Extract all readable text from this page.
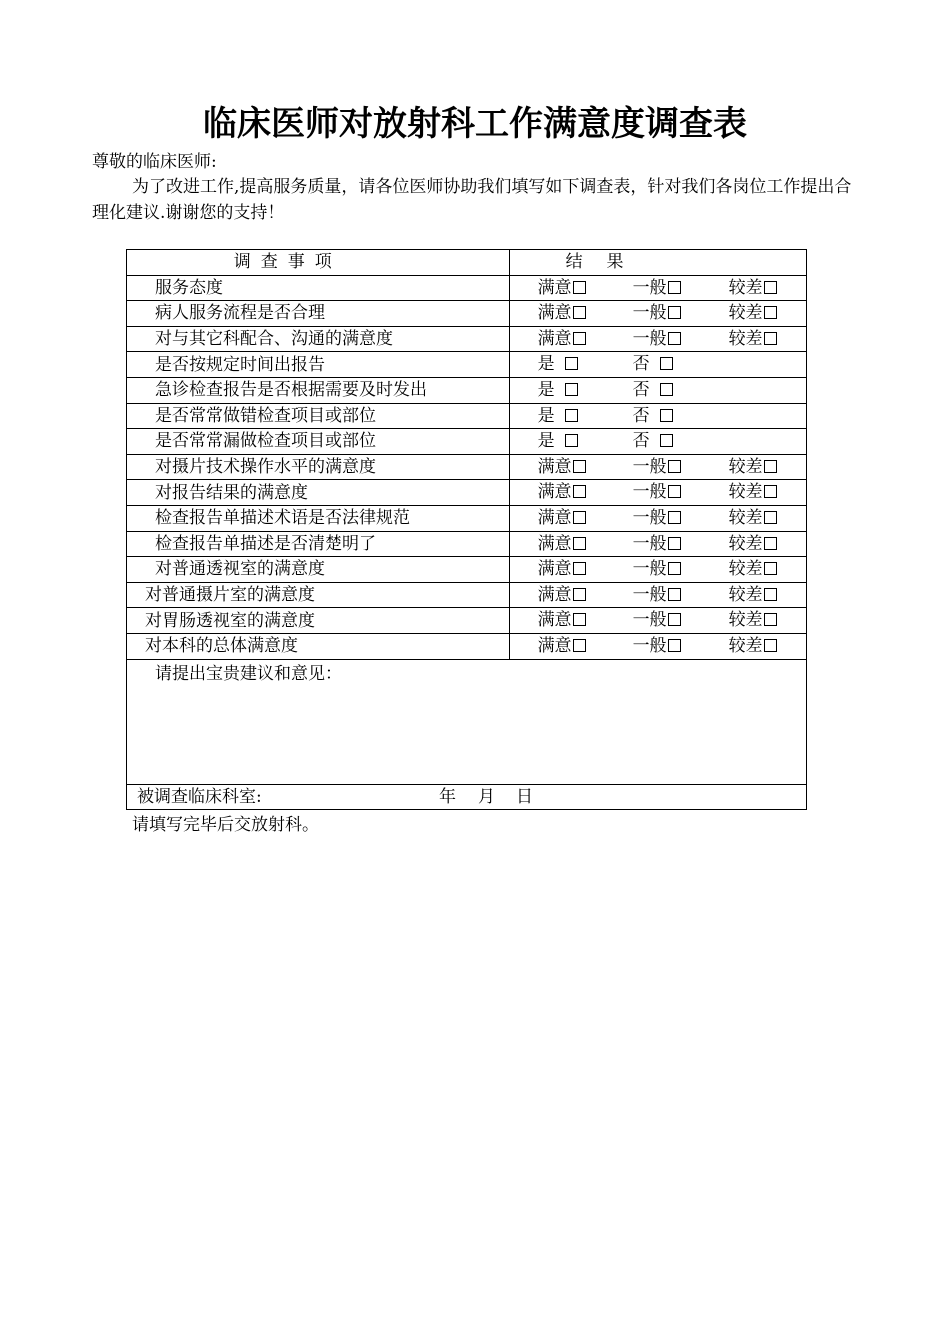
临床医师对放射科工作满意度调查表
尊敬的临床医师:
为了改进工作,提高服务质量，请各位医师协助我们填写如下调查表，针对我们各岗位工作提出合理化建议.谢谢您的支持！
调查事项	结果
服务态度	满意 一般 较差

病人服务流程是否合理	满意 一般 较差

对与其它科配合、沟通的满意度	满意 一般 较差

是否按规定时间出报告	是 否

急诊检查报告是否根据需要及时发出	是 否

是否常常做错检查项目或部位	是 否

是否常常漏做检查项目或部位	是 否

对摄片技术操作水平的满意度	满意 一般 较差

对报告结果的满意度	满意 一般 较差

检查报告单描述术语是否法律规范	满意 一般 较差

检查报告单描述是否清楚明了	满意 一般 较差

对普通透视室的满意度	满意 一般 较差

对普通摄片室的满意度	满意 一般 较差

对胃肠透视室的满意度	满意 一般 较差

对本科的总体满意度	满意 一般 较差

请提出宝贵建议和意见：	

被调查临床科室: 年 月 日	
请填写完毕后交放射科。
